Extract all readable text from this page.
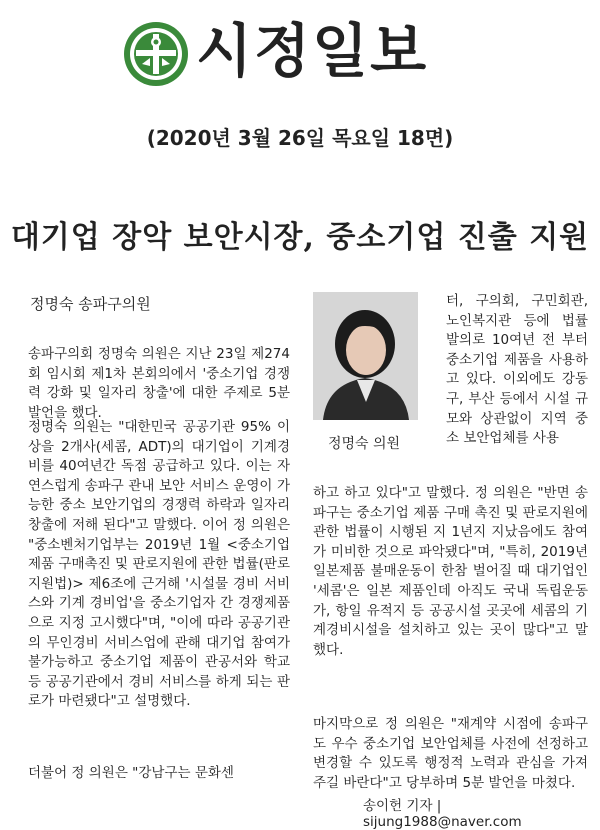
시정일보
(2020년 3월 26일 목요일 18면)
대기업 장악 보안시장, 중소기업 진출 지원
정명숙 송파구의원
정명숙 의원

송파구의회 정명숙 의원은 지난 23일 제274회 임시회 제1차 본회의에서 '중소기업 경쟁력 강화 및 일자리 창출'에 대한 주제로 5분 발언을 했다.

정명숙 의원는 "대한민국 공공기관 95% 이상을 2개사(세콤, ADT)의 대기업이 기계경비를 40여년간 독점 공급하고 있다. 이는 자연스럽게 송파구 관내 보안 서비스 운영이 가능한 중소 보안기업의 경쟁력 하락과 일자리 창출에 저해 된다"고 말했다. 이어 정 의원은 "중소벤처기업부는 2019년 1월 <중소기업제품 구매촉진 및 판로지원에 관한 법률(판로지원법)> 제6조에 근거해 '시설물 경비 서비스와 기계 경비업'을 중소기업자 간 경쟁제품으로 지정 고시했다"며, "이에 따라 공공기관의 무인경비 서비스업에 관해 대기업 참여가 불가능하고 중소기업 제품이 관공서와 학교 등 공공기관에서 경비 서비스를 하게 되는 판로가 마련됐다"고 설명했다.

더불어 정 의원은 "강남구는 문화센

터, 구의회, 구민회관, 노인복지관 등에 법률 발의로 10여년 전 부터 중소기업 제품을 사용하고 있다. 이외에도 강동구, 부산 등에서 시설 규모와 상관없이 지역 중소 보안업체를 사용

하고 하고 있다"고 말했다. 정 의원은 "반면 송파구는 중소기업 제품 구매 촉진 및 판로지원에 관한 법률이 시행된 지 1년지 지났음에도 참여가 미비한 것으로 파악됐다"며, "특히, 2019년 일본제품 불매운동이 한참 벌어질 때 대기업인 '세콤'은 일본 제품인데 아직도 국내 독립운동가, 항일 유적지 등 공공시설 곳곳에 세콤의 기계경비시설을 설치하고 있는 곳이 많다"고 말했다.

마지막으로 정 의원은 "재계약 시점에 송파구도 우수 중소기업 보안업체를 사전에 선정하고 변경할 수 있도록 행정적 노력과 관심을 가져 주길 바란다"고 당부하며 5분 발언을 마쳤다.

송이헌 기자 | sijung1988@naver.com
